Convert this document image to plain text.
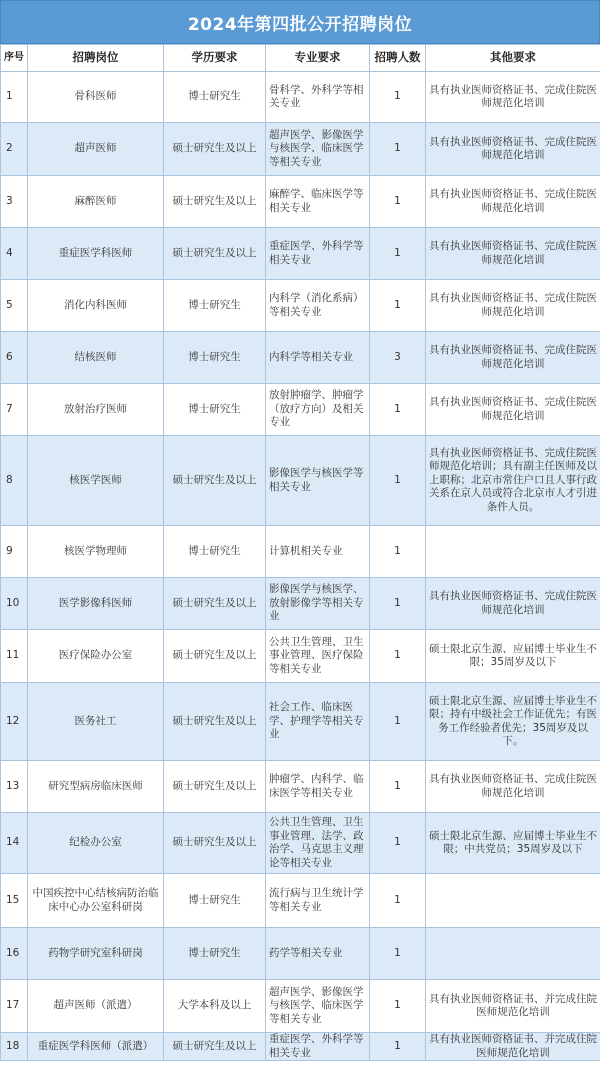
2024年第四批公开招聘岗位
序号	招聘岗位	学历要求	专业要求	招聘人数	其他要求
1	骨科医师	博士研究生	骨科学、外科学等相关专业	1	具有执业医师资格证书、完成住院医师规范化培训
2	超声医师	硕士研究生及以上	超声医学、影像医学与核医学、临床医学等相关专业	1	具有执业医师资格证书、完成住院医师规范化培训
3	麻醉医师	硕士研究生及以上	麻醉学、临床医学等相关专业	1	具有执业医师资格证书、完成住院医师规范化培训
4	重症医学科医师	硕士研究生及以上	重症医学、外科学等相关专业	1	具有执业医师资格证书、完成住院医师规范化培训
5	消化内科医师	博士研究生	内科学（消化系病）等相关专业	1	具有执业医师资格证书、完成住院医师规范化培训
6	结核医师	博士研究生	内科学等相关专业	3	具有执业医师资格证书、完成住院医师规范化培训
7	放射治疗医师	博士研究生	放射肿瘤学、肿瘤学（放疗方向）及相关专业	1	具有执业医师资格证书、完成住院医师规范化培训
8	核医学医师	硕士研究生及以上	影像医学与核医学等相关专业	1	具有执业医师资格证书、完成住院医师规范化培训；具有副主任医师及以上职称；北京市常住户口且人事行政关系在京人员或符合北京市人才引进条件人员。
9	核医学物理师	博士研究生	计算机相关专业	1	
10	医学影像科医师	硕士研究生及以上	影像医学与核医学、放射影像学等相关专业	1	具有执业医师资格证书、完成住院医师规范化培训
11	医疗保险办公室	硕士研究生及以上	公共卫生管理、卫生事业管理、医疗保险等相关专业	1	硕士限北京生源、应届博士毕业生不限；35周岁及以下
12	医务社工	硕士研究生及以上	社会工作、临床医学、护理学等相关专业	1	硕士限北京生源、应届博士毕业生不限；持有中级社会工作证优先；有医务工作经验者优先；35周岁及以下。
13	研究型病房临床医师	硕士研究生及以上	肿瘤学、内科学、临床医学等相关专业	1	具有执业医师资格证书、完成住院医师规范化培训
14	纪检办公室	硕士研究生及以上	公共卫生管理、卫生事业管理、法学、政治学、马克思主义理论等相关专业	1	硕士限北京生源、应届博士毕业生不限；中共党员；35周岁及以下
15	中国疾控中心结核病防治临床中心办公室科研岗	博士研究生	流行病与卫生统计学等相关专业	1	
16	药物学研究室科研岗	博士研究生	药学等相关专业	1	
17	超声医师（派遣）	大学本科及以上	超声医学、影像医学与核医学、临床医学等相关专业	1	具有执业医师资格证书、并完成住院医师规范化培训
18	重症医学科医师（派遣）	硕士研究生及以上	重症医学、外科学等相关专业	1	具有执业医师资格证书、并完成住院医师规范化培训
